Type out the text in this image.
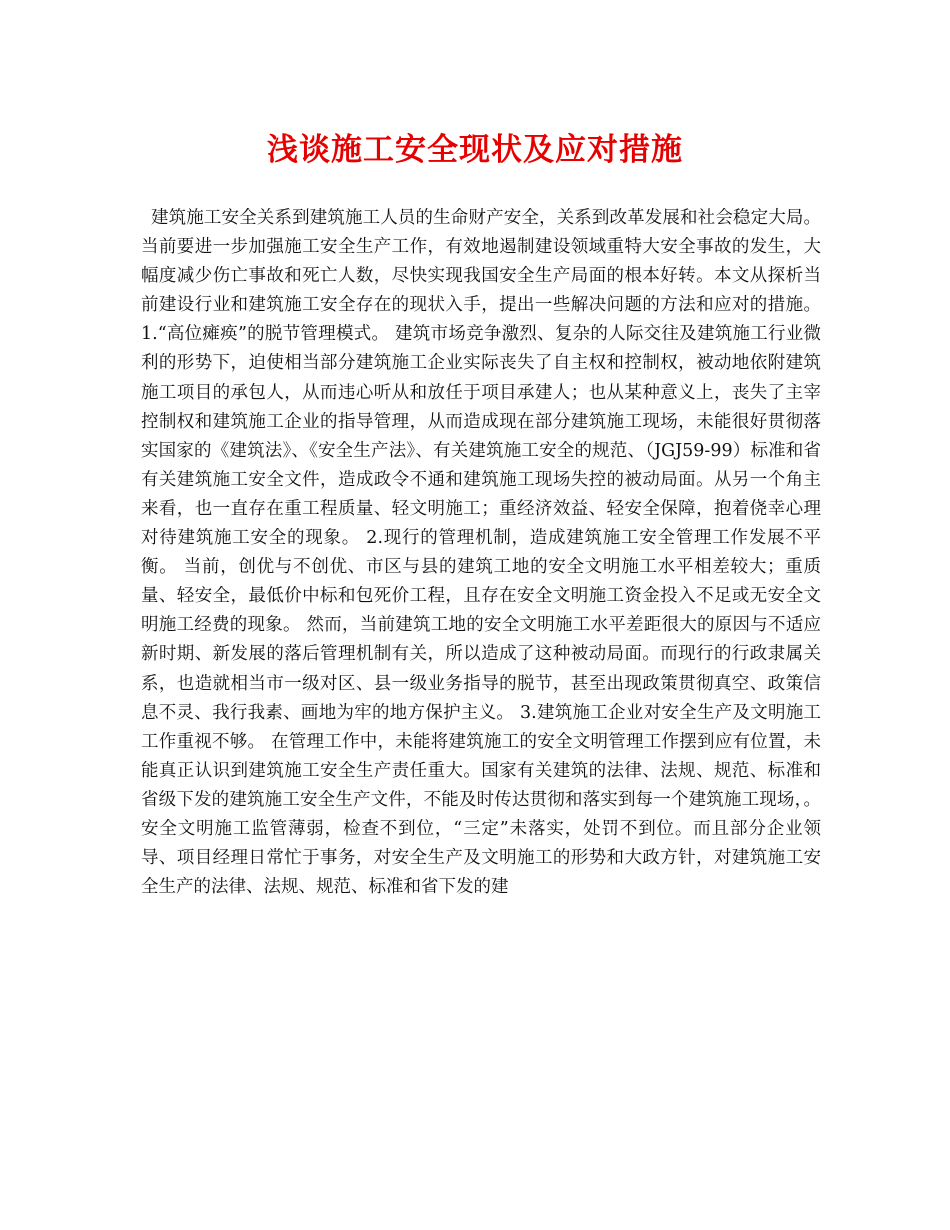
浅谈施工安全现状及应对措施

建筑施工安全关系到建筑施工人员的生命财产安全，关系到改革发展和社会稳定大局。当前要进一步加强施工安全生产工作，有效地遏制建设领域重特大安全事故的发生，大幅度减少伤亡事故和死亡人数，尽快实现我国安全生产局面的根本好转。本文从探析当前建设行业和建筑施工安全存在的现状入手，提出一些解决问题的方法和应对的措施。 1.“高位瘫痪”的脱节管理模式。 建筑市场竞争激烈、复杂的人际交往及建筑施工行业微利的形势下，迫使相当部分建筑施工企业实际丧失了自主权和控制权，被动地依附建筑施工项目的承包人，从而违心听从和放任于项目承建人；也从某种意义上，丧失了主宰控制权和建筑施工企业的指导管理，从而造成现在部分建筑施工现场，未能很好贯彻落实国家的《建筑法》、《安全生产法》、有关建筑施工安全的规范、（JGJ59-99）标准和省有关建筑施工安全文件，造成政令不通和建筑施工现场失控的被动局面。从另一个角主来看，也一直存在重工程质量、轻文明施工；重经济效益、轻安全保障，抱着侥幸心理对待建筑施工安全的现象。 2.现行的管理机制，造成建筑施工安全管理工作发展不平衡。 当前，创优与不创优、市区与县的建筑工地的安全文明施工水平相差较大；重质量、轻安全，最低价中标和包死价工程，且存在安全文明施工资金投入不足或无安全文明施工经费的现象。 然而，当前建筑工地的安全文明施工水平差距很大的原因与不适应新时期、新发展的落后管理机制有关，所以造成了这种被动局面。而现行的行政隶属关系，也造就相当市一级对区、县一级业务指导的脱节，甚至出现政策贯彻真空、政策信息不灵、我行我素、画地为牢的地方保护主义。 3.建筑施工企业对安全生产及文明施工工作重视不够。 在管理工作中，未能将建筑施工的安全文明管理工作摆到应有位置，未能真正认识到建筑施工安全生产责任重大。国家有关建筑的法律、法规、规范、标准和省级下发的建筑施工安全生产文件，不能及时传达贯彻和落实到每一个建筑施工现场，。安全文明施工监管薄弱，检查不到位，“三定”未落实，处罚不到位。而且部分企业领导、项目经理日常忙于事务，对安全生产及文明施工的形势和大政方针，对建筑施工安全生产的法律、法规、规范、标准和省下发的建
